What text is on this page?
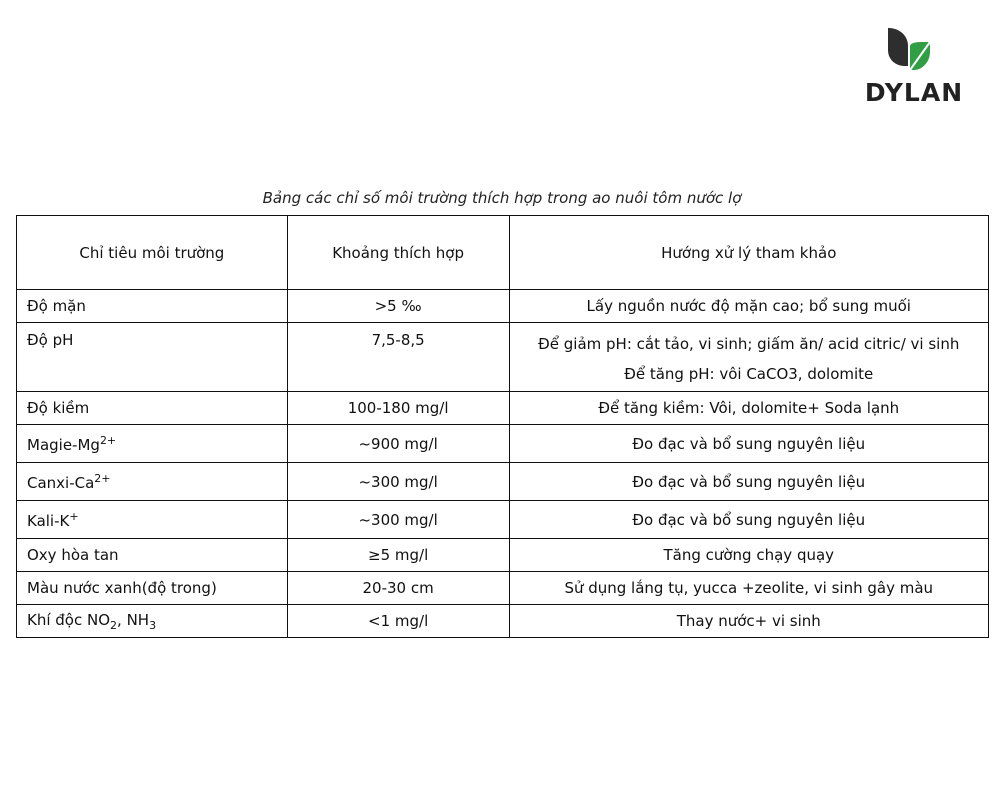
DYLAN
Bảng các chỉ số môi trường thích hợp trong ao nuôi tôm nước lợ
Chỉ tiêu môi trường	Khoảng thích hợp	Hướng xử lý tham khảo
Độ mặn	>5 ‰	Lấy nguồn nước độ mặn cao; bổ sung muối
Độ pH	7,5-8,5	Để giảm pH: cắt tảo, vi sinh; giấm ăn/ acid citric/ vi sinh
Để tăng pH: vôi CaCO3, dolomite

Độ kiềm	100-180 mg/l	Để tăng kiềm: Vôi, dolomite+ Soda lạnh
Magie-$Mg^{2+}$	~900 mg/l	Đo đạc và bổ sung nguyên liệu
Canxi-$Ca^{2+}$	~300 mg/l	Đo đạc và bổ sung nguyên liệu
Kali-K+	~300 mg/l	Đo đạc và bổ sung nguyên liệu
Oxy hòa tan	≥5 mg/l	Tăng cường chạy quạy
Màu nước xanh(độ trong)	20-30 cm	Sử dụng lắng tụ, yucca +zeolite, vi sinh gây màu
Khí độc $NO_2$, $NH_3$	<1 mg/l	Thay nước+ vi sinh
